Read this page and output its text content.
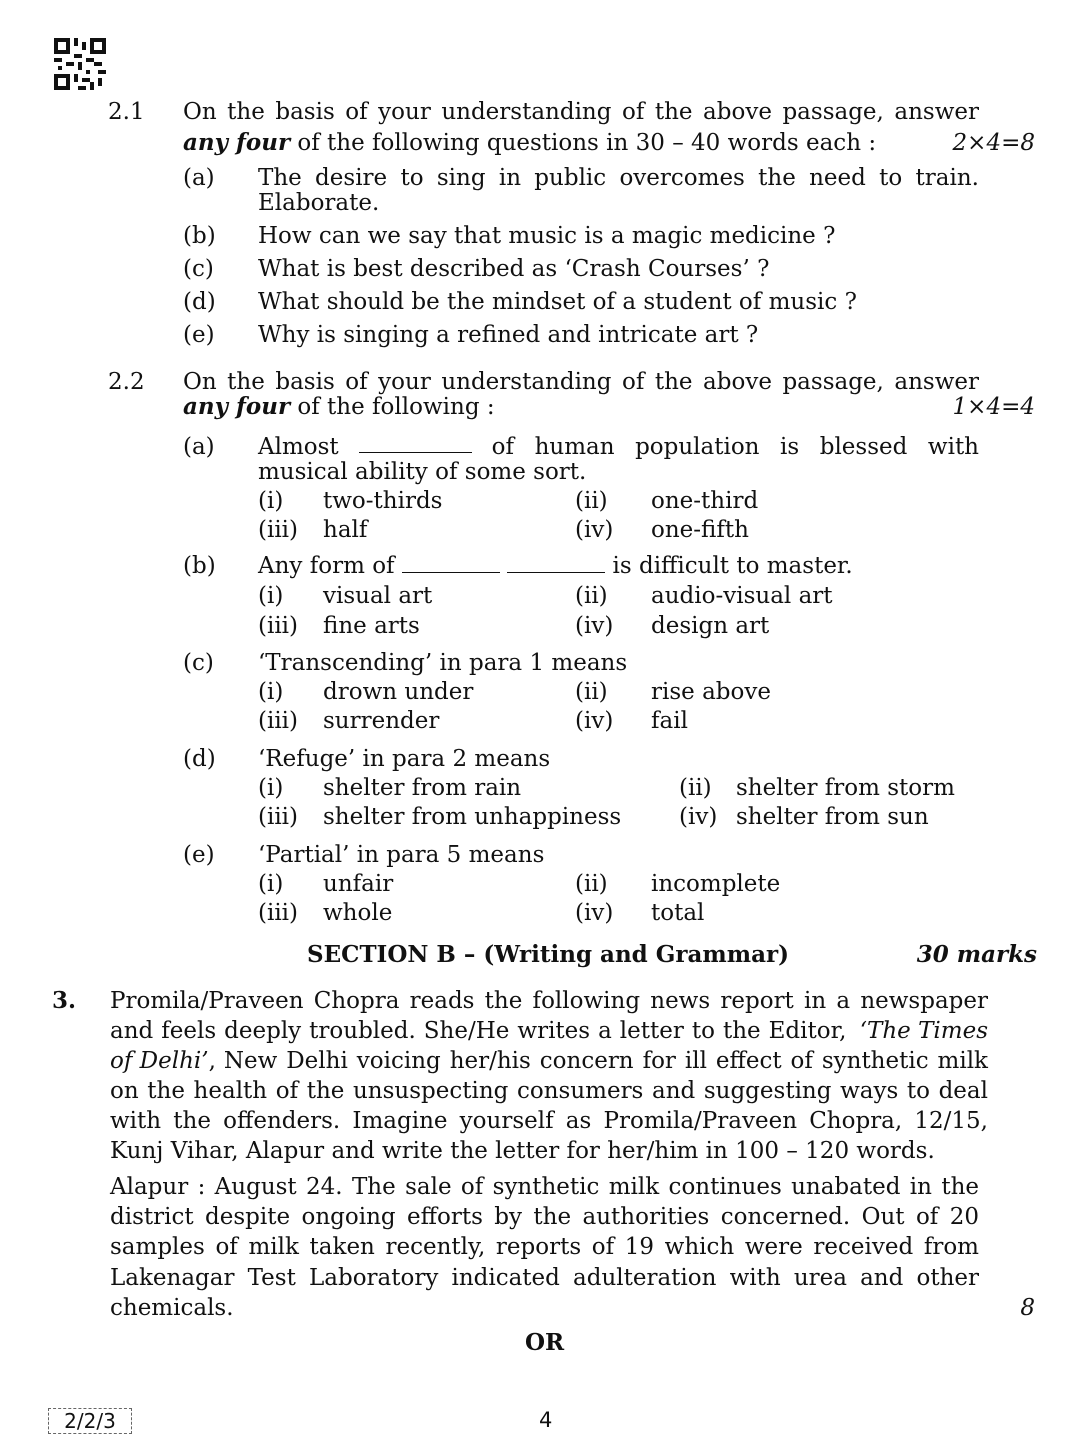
2.1 On the basis of your understanding of the above passage, answer
any four of the following questions in 30 – 40 words each :	2×4=8
(a) The desire to sing in public overcomes the need to train.
Elaborate.
(b) How can we say that music is a magic medicine ?
(c) What is best described as ‘Crash Courses’ ?
(d) What should be the mindset of a student of music ?
(e) Why is singing a refined and intricate art ?
2.2 On the basis of your understanding of the above passage, answer
any four of the following :	1×4=4
(a) Almost	of human population is blessed with
musical ability of some sort.
(i) two-thirds	(ii) one-third
(iii) half	(iv) one-fifth
(b) Any form of	is difficult to master.
(i) visual art	(ii) audio-visual art
(iii) fine arts	(iv) design art
(c) ‘Transcending’ in para 1 means
(i) drown under	(ii) rise above
(iii) surrender	(iv) fail
(d) ‘Refuge’ in para 2 means
(i) shelter from rain	(ii) shelter from storm
(iii) shelter from unhappiness	(iv) shelter from sun
(e) ‘Partial’ in para 5 means
(i) unfair	(ii) incomplete
(iii) whole	(iv) total
SECTION B – (Writing and Grammar)	30 marks
3. Promila/Praveen Chopra reads the following news report in a newspaper
and feels deeply troubled. She/He writes a letter to the Editor, ‘The Times
of Delhi’ , New Delhi voicing her/his concern for ill effect of synthetic milk
on the health of the unsuspecting consumers and suggesting ways to deal
with the offenders. Imagine yourself as Promila/Praveen Chopra, 12/15,
Kunj Vihar, Alapur and write the letter for her/him in 100 – 120 words.
Alapur : August 24. The sale of synthetic milk continues unabated in the
district despite ongoing efforts by the authorities concerned. Out of 20
samples of milk taken recently, reports of 19 which were received from
Lakenagar Test Laboratory indicated adulteration with urea and other
chemicals.	8
OR
2/2/3	4
